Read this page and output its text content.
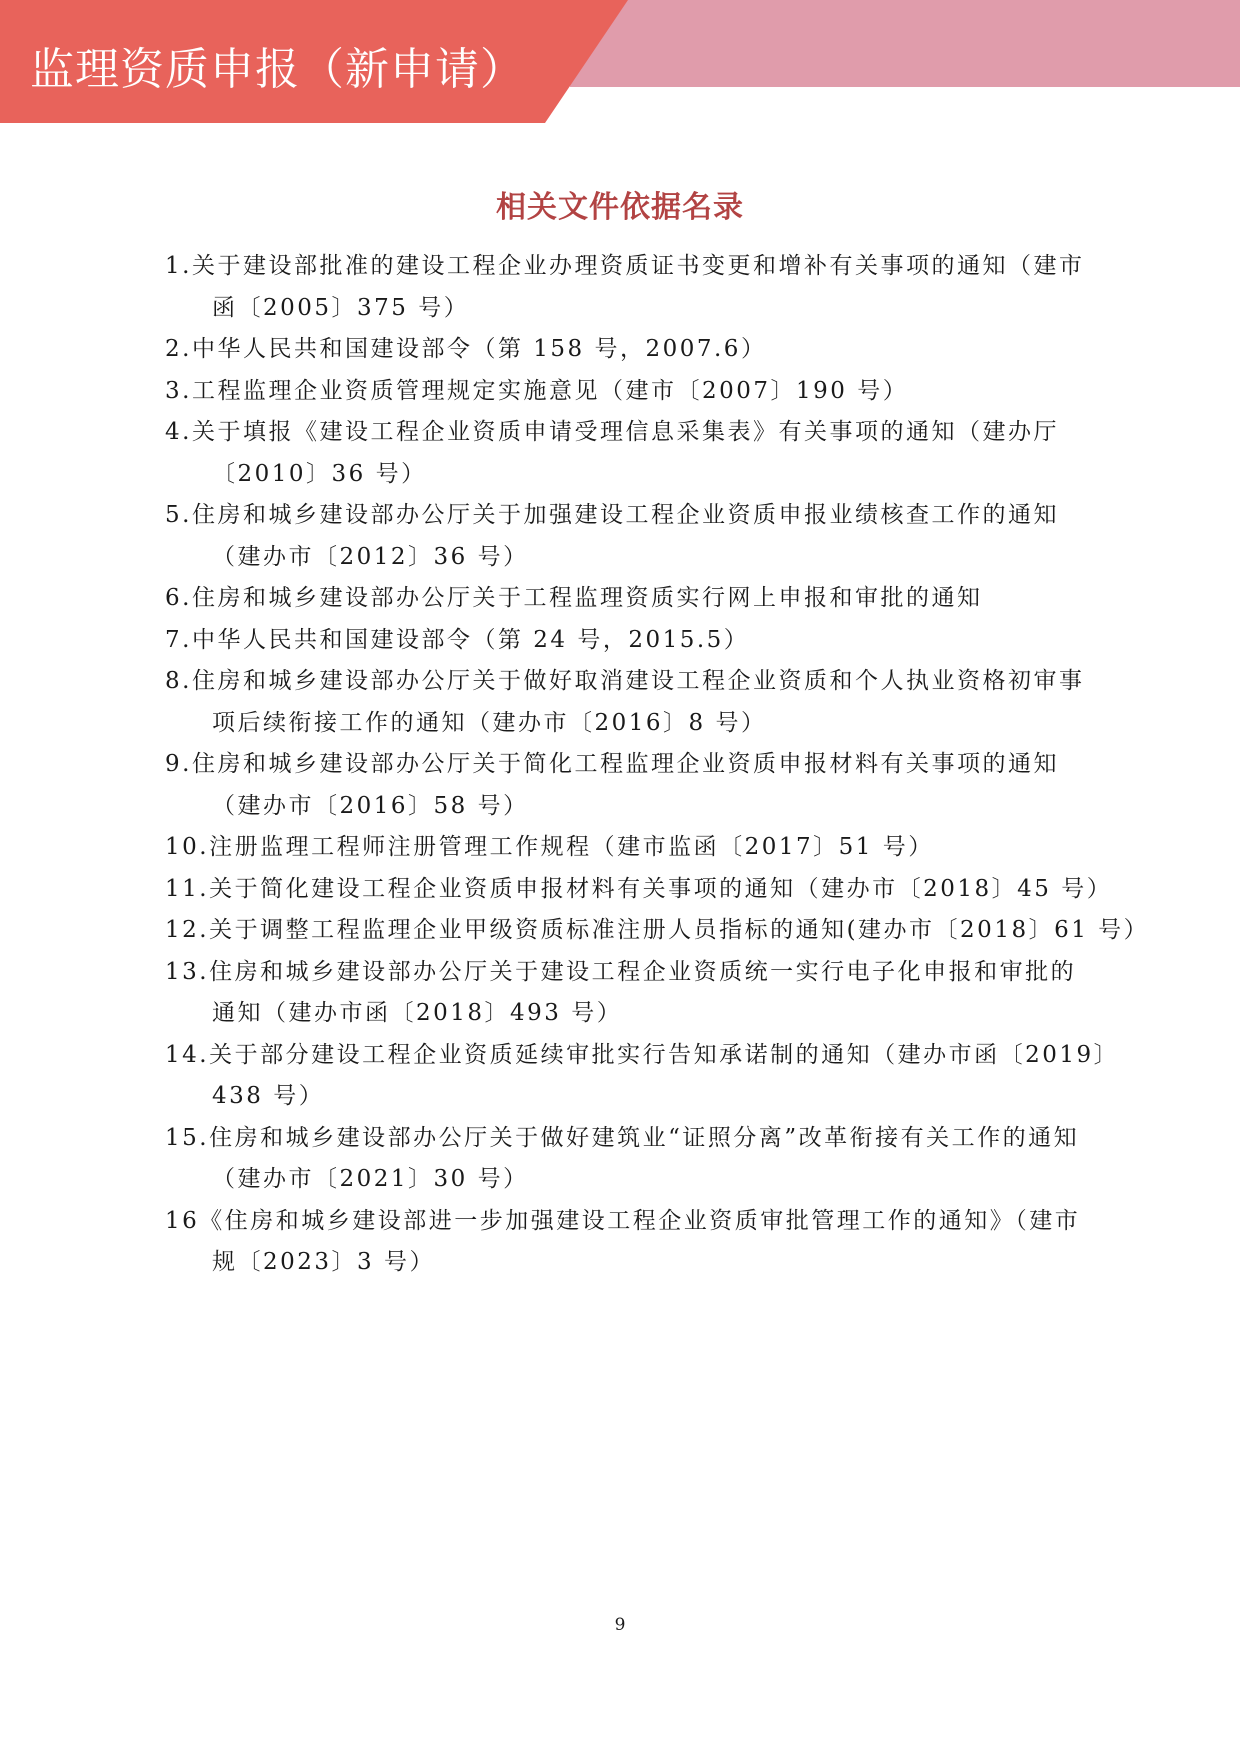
监理资质申报（新申请）
相关文件依据名录
1.关于建设部批准的建设工程企业办理资质证书变更和增补有关事项的通知（建市
函〔2005〕375 号）
2.中华人民共和国建设部令（第 158 号，2007.6）
3.工程监理企业资质管理规定实施意见（建市〔2007〕190 号）
4.关于填报《建设工程企业资质申请受理信息采集表》有关事项的通知（建办厅
〔2010〕36 号）
5.住房和城乡建设部办公厅关于加强建设工程企业资质申报业绩核查工作的通知
（建办市〔2012〕36 号）
6.住房和城乡建设部办公厅关于工程监理资质实行网上申报和审批的通知
7.中华人民共和国建设部令（第 24 号，2015.5）
8.住房和城乡建设部办公厅关于做好取消建设工程企业资质和个人执业资格初审事
项后续衔接工作的通知（建办市〔2016〕8 号）
9.住房和城乡建设部办公厅关于简化工程监理企业资质申报材料有关事项的通知
（建办市〔2016〕58 号）
10.注册监理工程师注册管理工作规程（建市监函〔2017〕51 号）
11.关于简化建设工程企业资质申报材料有关事项的通知（建办市〔2018〕45 号）
12.关于调整工程监理企业甲级资质标准注册人员指标的通知(建办市〔2018〕61 号）
13.住房和城乡建设部办公厅关于建设工程企业资质统一实行电子化申报和审批的
通知（建办市函〔2018〕493 号）
14.关于部分建设工程企业资质延续审批实行告知承诺制的通知（建办市函〔2019〕
438 号）
15.住房和城乡建设部办公厅关于做好建筑业“证照分离”改革衔接有关工作的通知
（建办市〔2021〕30 号）
16《住房和城乡建设部进一步加强建设工程企业资质审批管理工作的通知》（建市
规〔2023〕3 号）
9
